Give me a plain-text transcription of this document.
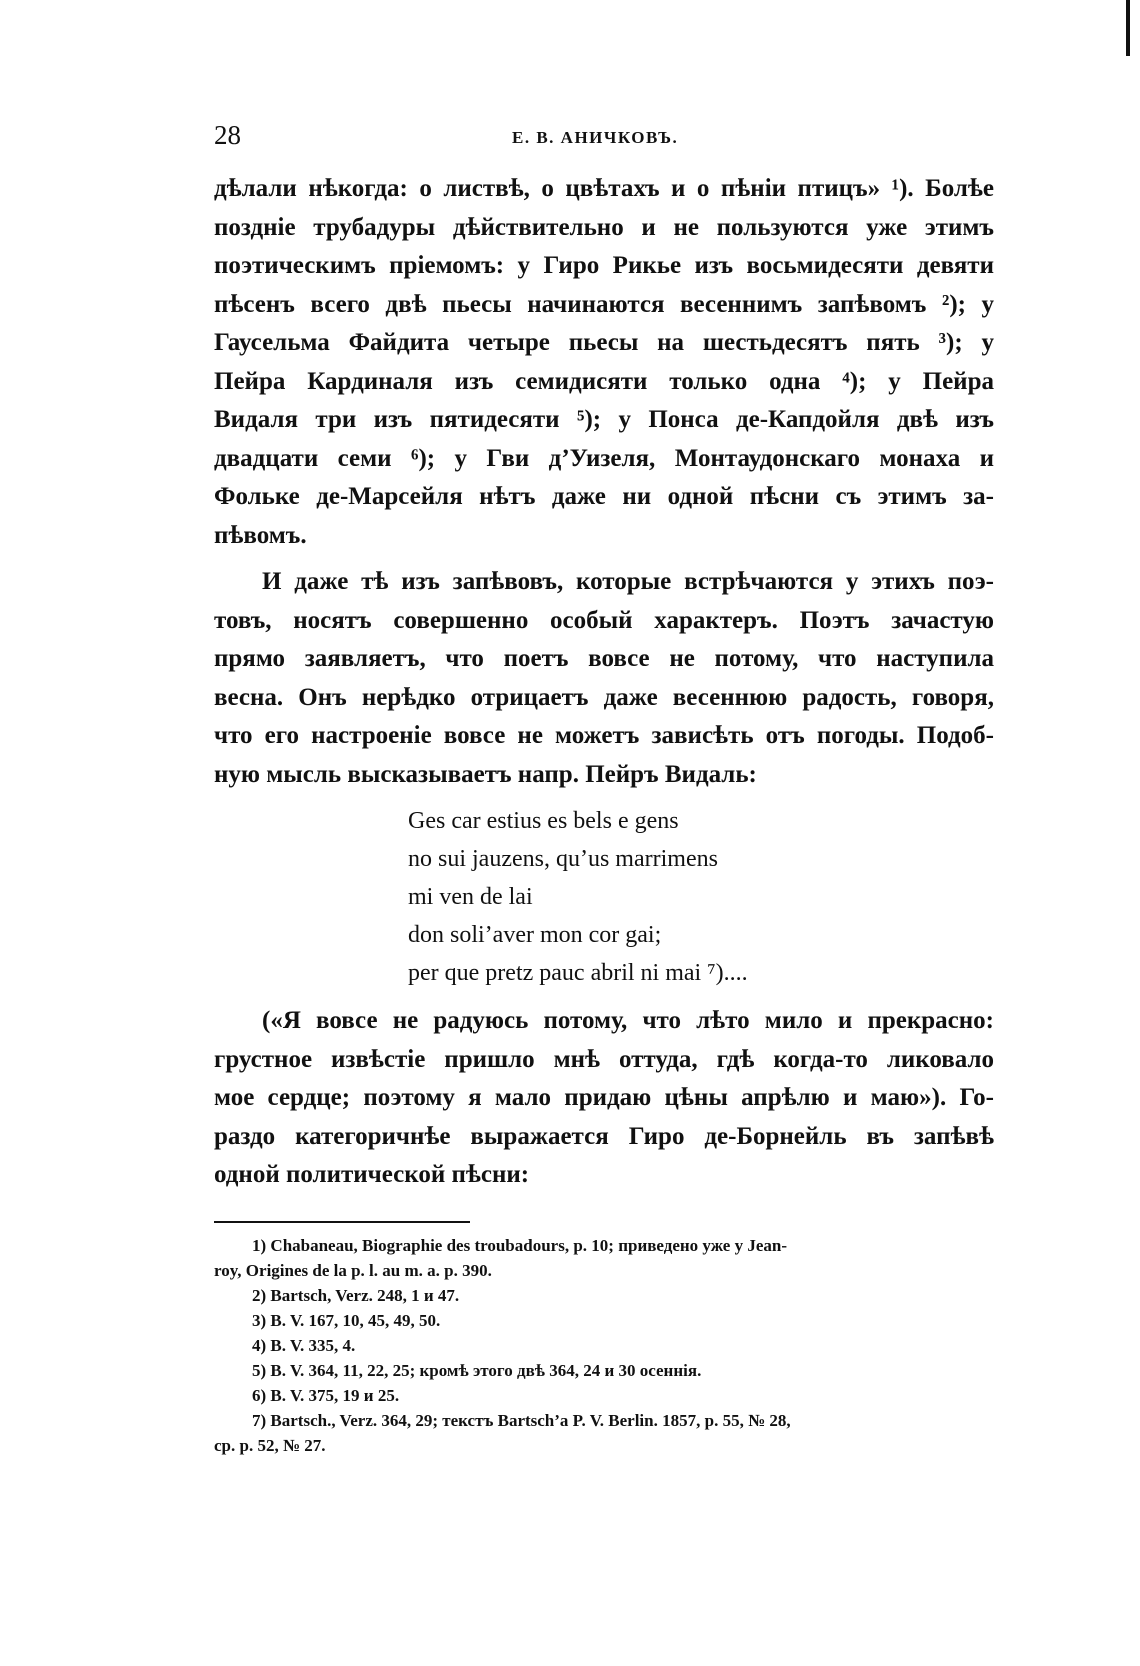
28	Е. В. АНИЧКОВЪ.
дѣлали нѣкогда: о листвѣ, о цвѣтахъ и о пѣніи птицъ» ¹). Болѣе
поздніе трубадуры дѣйствительно и не пользуются уже этимъ
поэтическимъ пріемомъ: у Гиро Рикье изъ восьмидесяти девяти
пѣсенъ всего двѣ пьесы начинаются весеннимъ запѣвомъ ²); у
Гаусельма Файдита четыре пьесы на шестьдесятъ пять ³); у
Пейра Кардиналя изъ семидисяти только одна ⁴); у Пейра
Видаля три изъ пятидесяти ⁵); у Понса де-Капдойля двѣ изъ
двадцати семи ⁶); у Гви д’Уизеля, Монтаудонскаго монаха и
Фольке де-Марсейля нѣтъ даже ни одной пѣсни съ этимъ за-
пѣвомъ.
И даже тѣ изъ запѣвовъ, которые встрѣчаются у этихъ поэ-
товъ, носятъ совершенно особый характеръ. Поэтъ зачастую
прямо заявляетъ, что поетъ вовсе не потому, что наступила
весна. Онъ нерѣдко отрицаетъ даже весеннюю радость, говоря,
что его настроеніе вовсе не можетъ зависѣть отъ погоды. Подоб-
ную мысль высказываетъ напр. Пейръ Видаль:
Ges car estius es bels e gens
no sui jauzens, qu’us marrimens
mi ven de lai
don soli’aver mon cor gai;
per que pretz pauc abril ni mai ⁷)....
(«Я вовсе не радуюсь потому, что лѣто мило и прекрасно:
грустное извѣстіе пришло мнѣ оттуда, гдѣ когда-то ликовало
мое сердце; поэтому я мало придаю цѣны апрѣлю и маю»). Го-
раздо категоричнѣе выражается Гиро де-Борнейль въ запѣвѣ
одной политической пѣсни:
1) Chabaneau, Biographie des troubadours, p. 10; приведено уже у Jean-
roy, Origines de la p. l. au m. a. p. 390.
2) Bartsch, Verz. 248, 1 и 47.
3) B. V. 167, 10, 45, 49, 50.
4) B. V. 335, 4.
5) B. V. 364, 11, 22, 25; кромѣ этого двѣ 364, 24 и 30 осеннія.
6) B. V. 375, 19 и 25.
7) Bartsch., Verz. 364, 29; текстъ Bartsch’a P. V. Berlin. 1857, p. 55, № 28,
ср. р. 52, № 27.
